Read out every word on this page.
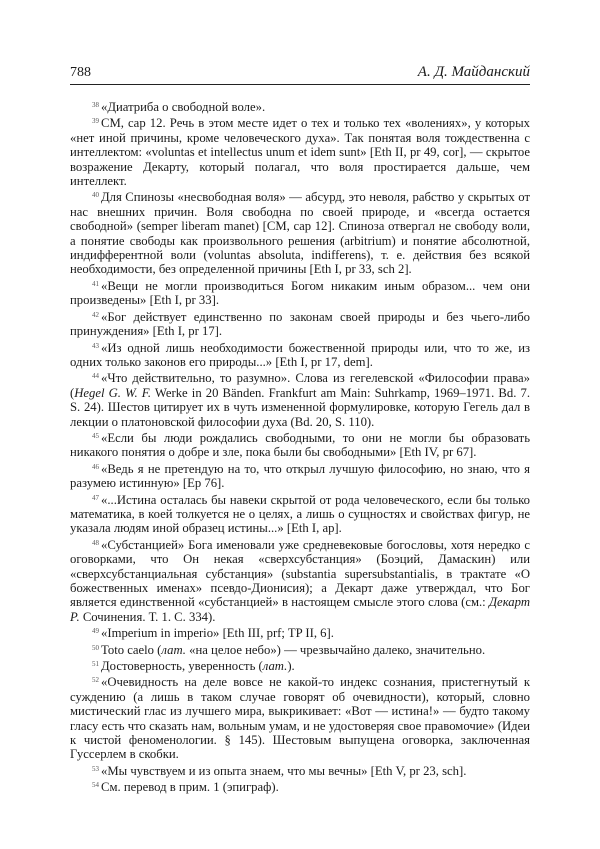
788	А. Д. Майданский

$^{38}$ «Диатриба о свободной воле».

$^{39}$ CM, cap 12. Речь в этом месте идет о тех и только тех «волениях», у которых «нет иной причины, кроме человеческого духа». Так понятая воля тождественна с интеллектом: «voluntas et intellectus unum et idem sunt» [Eth II, pr 49, cor], — скрытое возражение Декарту, который полагал, что воля простирается дальше, чем интеллект.

$^{40}$ Для Спинозы «несвободная воля» — абсурд, это неволя, рабство у скрытых от нас внешних причин. Воля свободна по своей природе, и «всегда остается свободной» (semper liberam manet) [CM, cap 12]. Спиноза отвергал не свободу воли, а понятие свободы как произвольного решения (arbitrium) и понятие абсолютной, индифферентной воли (voluntas absoluta, indifferens), т. е. действия без всякой необходимости, без определенной причины [Eth I, pr 33, sch 2].

$^{41}$ «Вещи не могли производиться Богом никаким иным образом... чем они произведены» [Eth I, pr 33].

$^{42}$ «Бог действует единственно по законам своей природы и без чьего-либо принуждения» [Eth I, pr 17].

$^{43}$ «Из одной лишь необходимости божественной природы или, что то же, из одних только законов его природы...» [Eth I, pr 17, dem].

$^{44}$ «Что действительно, то разумно». Слова из гегелевской «Философии права» (Hegel G. W. F. Werke in 20 Bänden. Frankfurt am Main: Suhrkamp, 1969–1971. Bd. 7. S. 24). Шестов цитирует их в чуть измененной формулировке, которую Гегель дал в лекции о платоновской философии духа (Bd. 20, S. 110).

$^{45}$ «Если бы люди рождались свободными, то они не могли бы образовать никакого понятия о добре и зле, пока были бы свободными» [Eth IV, pr 67].

$^{46}$ «Ведь я не претендую на то, что открыл лучшую философию, но знаю, что я разумею истинную» [Ep 76].

$^{47}$ «...Истина осталась бы навеки скрытой от рода человеческого, если бы только математика, в коей толкуется не о целях, а лишь о сущностях и свойствах фигур, не указала людям иной образец истины...» [Eth I, ap].

$^{48}$ «Субстанцией» Бога именовали уже средневековые богословы, хотя нередко с оговорками, что Он некая «сверхсубстанция» (Боэций, Дамаскин) или «сверхсубстанциальная субстанция» (substantia supersubstantialis, в трактате «О божественных именах» псевдо-Дионисия); а Декарт даже утверждал, что Бог является единственной «субстанцией» в настоящем смысле этого слова (см.: Декарт Р. Сочинения. Т. 1. С. 334).

$^{49}$ «Imperium in imperio» [Eth III, prf; TP II, 6].

$^{50}$ Toto caelo (лат. «на целое небо») — чрезвычайно далеко, значительно.

$^{51}$ Достоверность, уверенность (лат.).

$^{52}$ «Очевидность на деле вовсе не какой-то индекс сознания, пристегнутый к суждению (а лишь в таком случае говорят об очевидности), который, словно мистический глас из лучшего мира, выкрикивает: «Вот — истина!» — будто такому гласу есть что сказать нам, вольным умам, и не удостоверяя свое правомочие» (Идеи к чистой феноменологии. § 145). Шестовым выпущена оговорка, заключенная Гуссерлем в скобки.

$^{53}$ «Мы чувствуем и из опыта знаем, что мы вечны» [Eth V, pr 23, sch].

$^{54}$ См. перевод в прим. 1 (эпиграф).
